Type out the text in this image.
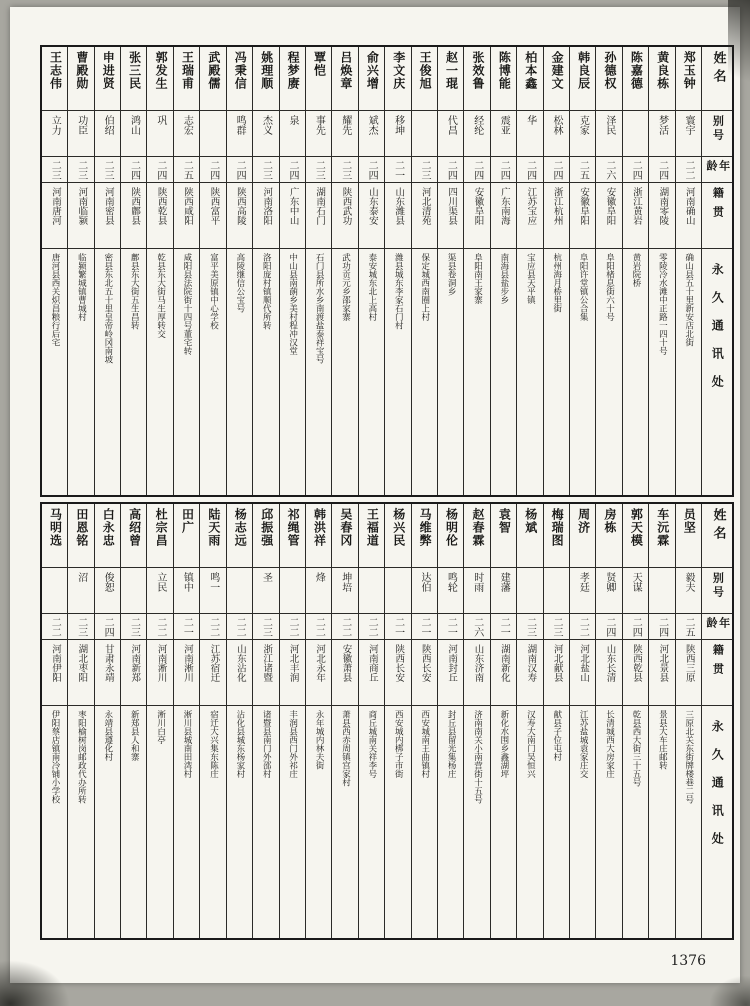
姓名
别号
年龄
籍贯
永久通讯处
郑玉钟
寰宇
二二
河南确山
确山县五十里新安店北街
黄良栋
梦活
二四
湖南零陵
零陵冷水滩中正路一四十号
陈嘉德
二四
浙江黄岩
黄岩院桥
孙德权
泽民
二六
安徽阜阳
阜阳楮息街六十号
韩良辰
克家
二五
安徽阜阳
阜阳许堂镇公合集
金建文
松林
二四
浙江杭州
杭州海月桥里街
柏本鑫
华
二四
江苏宝应
宝应县天平镇
陈博能
震亚
二四
广东南海
南海县盐步乡
张效鲁
经纶
二四
安徽阜阳
阜阳南王家寨
赵一琨
代昌
二四
四川渠县
渠县卷洞乡
王俊旭
二三
河北清苑
保定城西南圈上村
李文庆
移坤
二一
山东潍县
潍县城东李家石门村
俞兴增
斌杰
二四
山东泰安
泰安城东北上高村
吕焕章
耀先
二三
陕西武功
武功贡元乡邵家寨
覃恺
事先
二三
湖南石门
石门县所水乡南渡盐泰祥宝号
程梦赓
泉
二四
广东中山
中山县南蓢乡美村程冲汉堂
姚理顺
杰义
二三
河南洛阳
洛阳庞村镇顺代所转
冯秉信
鸣群
二四
陕西高陵
高陵继信公宝号
武殿儒
二四
陕西富平
富平美原镇中心学校
王瑞甫
志宏
二五
陕西咸阳
咸阳县法院街十四号董宅转
郭发生
巩
二四
陕西乾县
乾县东大街马生厚转交
张三民
鸿山
二四
陕西鄜县
鄜县东大街五生昌转
申进贤
伯绍
二三
河南密县
密县东北五十里皇帝岭冈南坡
曹殿勋
功臣
二三
河南临颍
临颍繁城镇曹城村
王志伟
立力
二三
河南唐河
唐河县西关炽昌粮行后宅
姓名
别号
年龄
籍贯
永久通讯处
员坚
毅夫
二五
陕西三原
三原北关东街牌楼巷二号
车沅霖
二四
河北景县
景县大车庄邮转
郭天模
天谋
二四
陕西乾县
乾县西大街三十五号
房栋
贤卿
二四
山东长清
长清城西大房家庄
周济
孝廷
二二
河北盐山
江苏盐城袁家庄交
梅瑞图
二三
河北献县
献县子位屯村
杨斌
二三
湖南汉寿
汉寿大南门吴恒兴
袁智
建藩
二一
湖南新化
新化水围乡鑫湖坪
赵春霖
时雨
二六
山东济南
济南南关小南营街十五号
杨明伦
鸣轮
二一
河南封丘
封丘县留光集杨庄
马维弊
达伯
二一
陕西长安
西安城南王曲镇村
杨兴民
二一
陕西长安
西安城内梆子市街
王福道
二二
河南商丘
商丘城南关祥李号
吴春冈
坤培
二二
安徽萧县
萧县西赤周镇宫家村
韩洪祥
烽
二二
河北永年
永年城内林夫街
祁绳管
二二
河北丰润
丰润县西门外祁庄
邱振强
圣
二三
浙江诸暨
诸暨县南门外邵村
杨志远
二二
山东沾化
沾化县城东杨家村
陆天雨
鸣一
二二
江苏宿迁
宿迁大兴集东陈庄
田广
镇中
二一
河南淅川
淅川县城南田湾村
杜宗昌
立民
二二
河南淅川
淅川白亭
高绍曾
二三
河南新郑
新郑县人和寨
白永忠
俊恕
二四
甘肃永靖
永靖县遵化村
田恩铭
沼
二三
湖北枣阳
枣阳榆树岗邮政代办所转
马明选
二二
河南伊阳
伊阳蔡店镇南冷铺小学校
1376
